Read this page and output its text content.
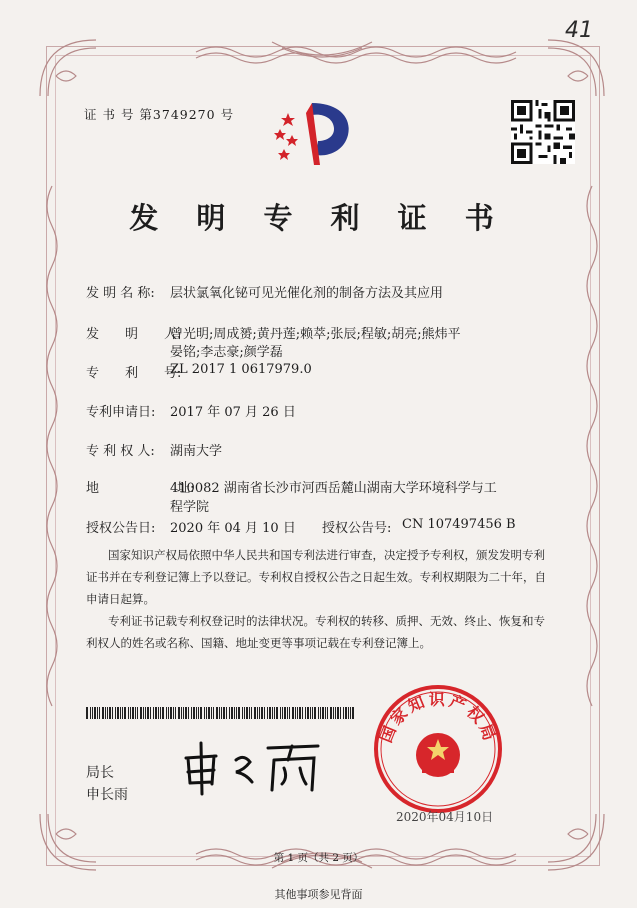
41
证 书 号 第3749270 号
发 明 专 利 证 书
发 明 名 称: 层状氯氧化铋可见光催化剂的制备方法及其应用
发　　明　　人:
曾光明;周成赟;黄丹莲;赖萃;张辰;程敏;胡亮;熊炜平
晏铭;李志豪;颜学磊
专　　利　　号:
ZL 2017 1 0617979.0
专利申请日: 2017 年 07 月 26 日
专 利 权 人: 湖南大学
地　　　　　　址:
410082 湖南省长沙市河西岳麓山湖南大学环境科学与工
程学院
授权公告日: 2020 年 04 月 10 日 授权公告号: CN 107497456 B
国家知识产权局依照中华人民共和国专利法进行审查，决定授予专利权，颁发发明专利
证书并在专利登记簿上予以登记。专利权自授权公告之日起生效。专利权期限为二十年，自
申请日起算。
专利证书记载专利权登记时的法律状况。专利权的转移、质押、无效、终止、恢复和专
利权人的姓名或名称、国籍、地址变更等事项记载在专利登记簿上。
局长
申长雨
国家知识产权局
2020年04月10日
第 1 页（共 2 页）
其他事项参见背面
